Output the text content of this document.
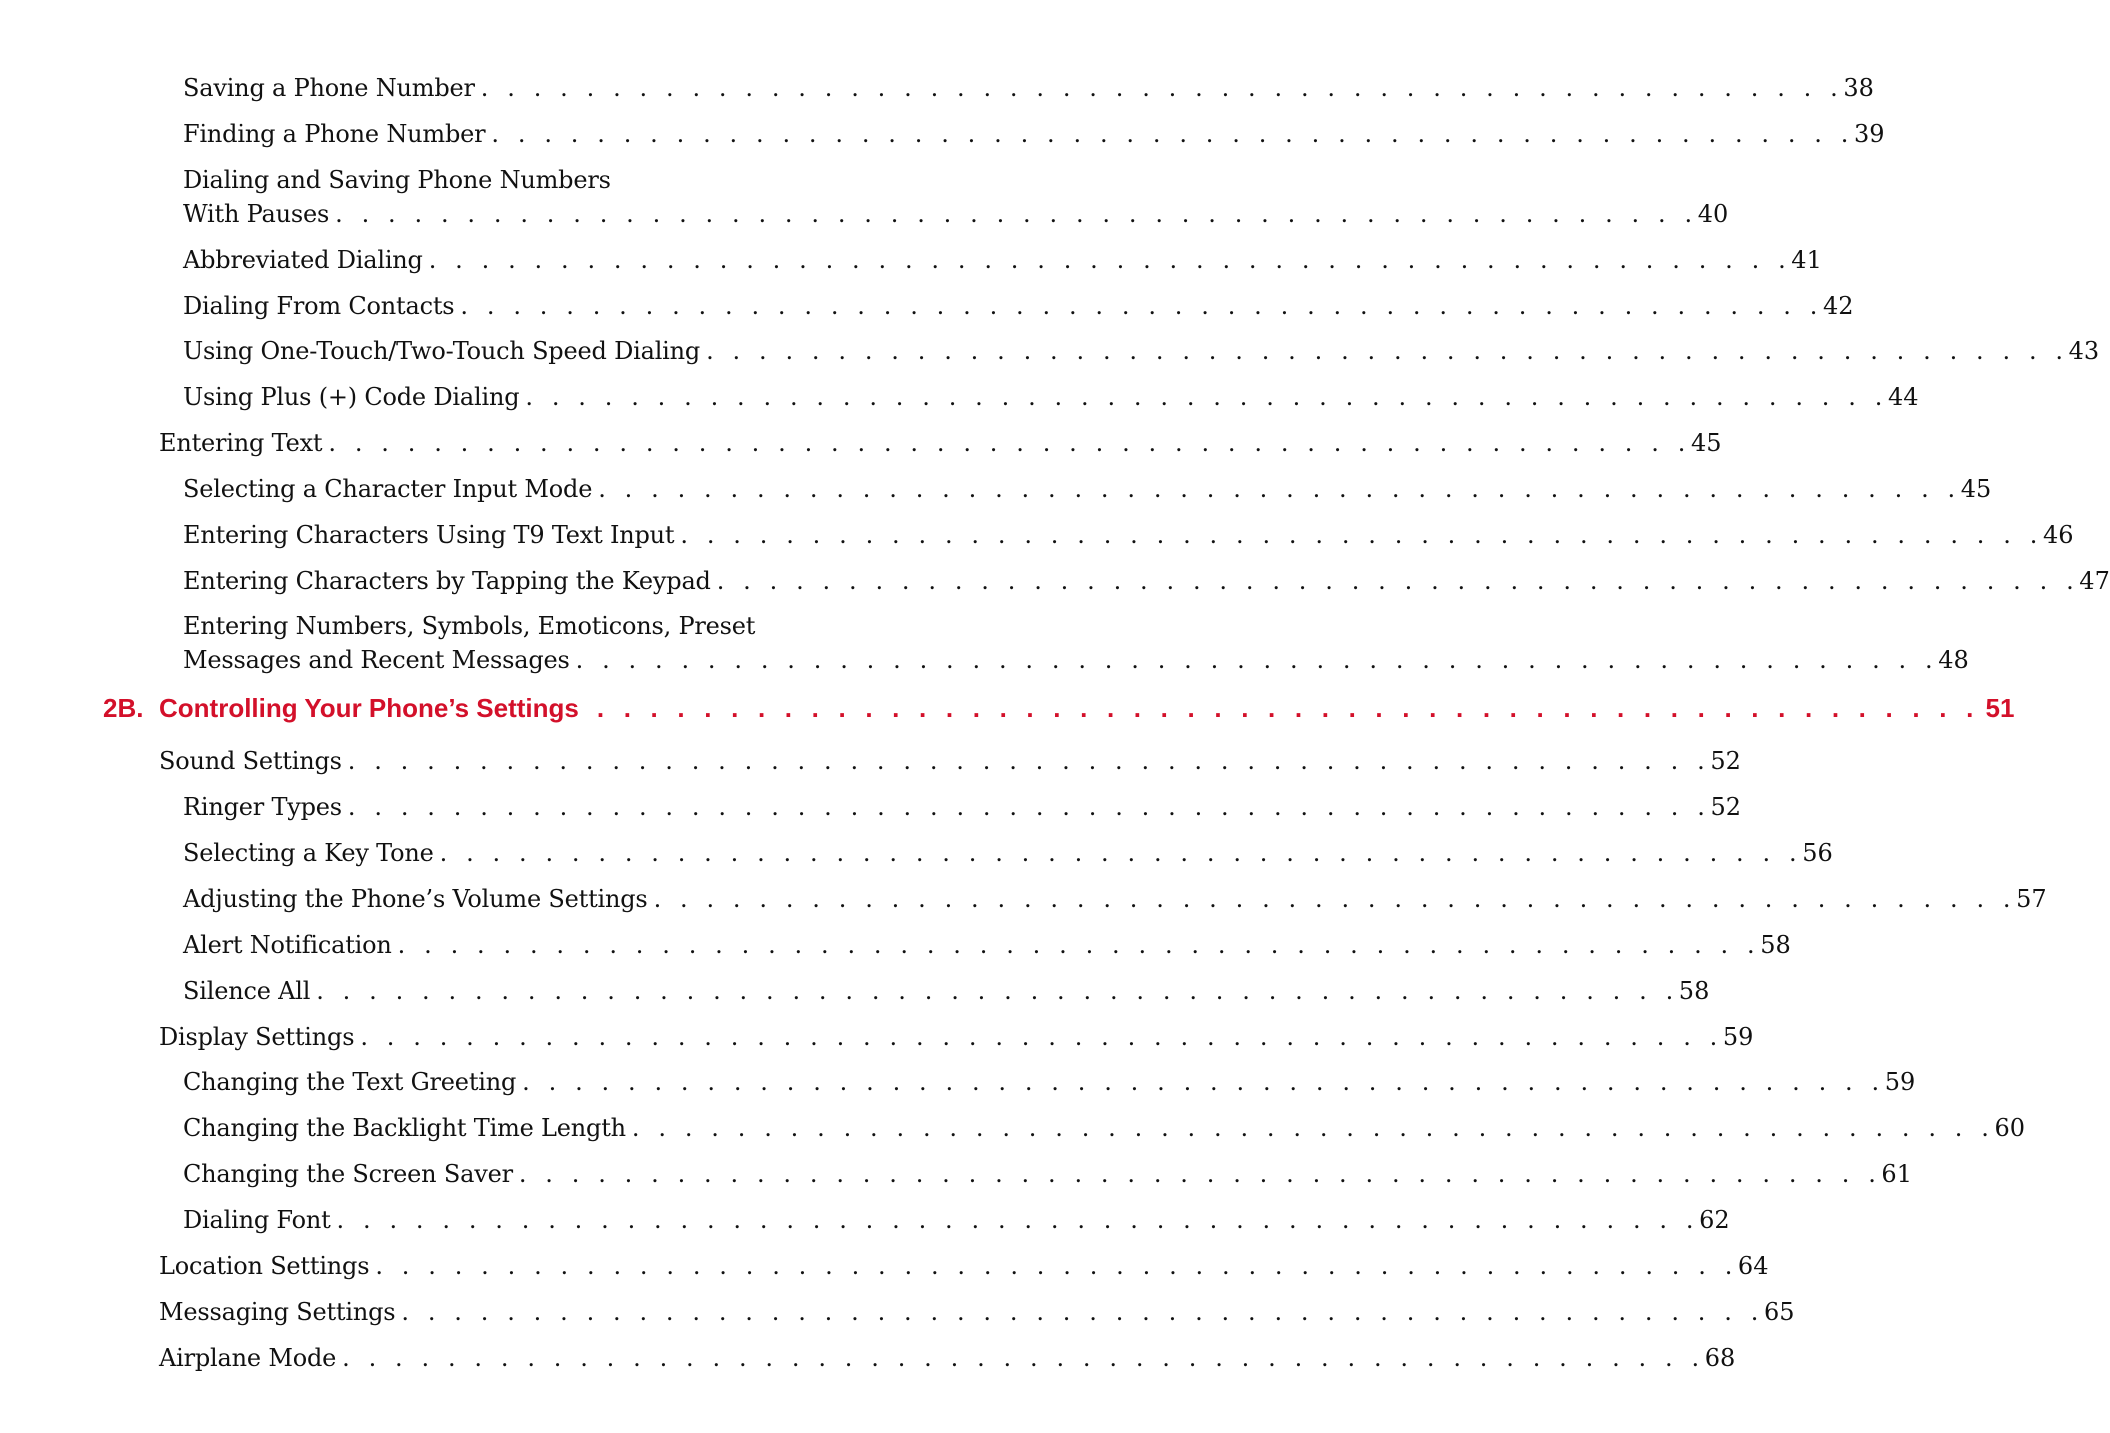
Saving a Phone Number . . . . . . . . . . . . . . . . . . . . . . . . . . . . . . . . . . . . . . . . . . . . . . . . . . . . 38
Finding a Phone Number . . . . . . . . . . . . . . . . . . . . . . . . . . . . . . . . . . . . . . . . . . . . . . . . . . . . 39
Dialing and Saving Phone Numbers
With Pauses . . . . . . . . . . . . . . . . . . . . . . . . . . . . . . . . . . . . . . . . . . . . . . . . . . . . 40
Abbreviated Dialing . . . . . . . . . . . . . . . . . . . . . . . . . . . . . . . . . . . . . . . . . . . . . . . . . . . . 41
Dialing From Contacts . . . . . . . . . . . . . . . . . . . . . . . . . . . . . . . . . . . . . . . . . . . . . . . . . . . . 42
Using One-Touch/Two-Touch Speed Dialing . . . . . . . . . . . . . . . . . . . . . . . . . . . . . . . . . . . . . . . . . . . . . . . . . . . . 43
Using Plus (+) Code Dialing . . . . . . . . . . . . . . . . . . . . . . . . . . . . . . . . . . . . . . . . . . . . . . . . . . . . 44
Entering Text . . . . . . . . . . . . . . . . . . . . . . . . . . . . . . . . . . . . . . . . . . . . . . . . . . . . 45
Selecting a Character Input Mode . . . . . . . . . . . . . . . . . . . . . . . . . . . . . . . . . . . . . . . . . . . . . . . . . . . . 45
Entering Characters Using T9 Text Input . . . . . . . . . . . . . . . . . . . . . . . . . . . . . . . . . . . . . . . . . . . . . . . . . . . . 46
Entering Characters by Tapping the Keypad . . . . . . . . . . . . . . . . . . . . . . . . . . . . . . . . . . . . . . . . . . . . . . . . . . . . 47
Entering Numbers, Symbols, Emoticons, Preset
Messages and Recent Messages . . . . . . . . . . . . . . . . . . . . . . . . . . . . . . . . . . . . . . . . . . . . . . . . . . . . 48
2B. Controlling Your Phone’s Settings . . . . . . . . . . . . . . . . . . . . . . . . . . . . . . . . . . . . . . . . . . . . . . . . . . . . 51
Sound Settings . . . . . . . . . . . . . . . . . . . . . . . . . . . . . . . . . . . . . . . . . . . . . . . . . . . . 52
Ringer Types . . . . . . . . . . . . . . . . . . . . . . . . . . . . . . . . . . . . . . . . . . . . . . . . . . . . 52
Selecting a Key Tone . . . . . . . . . . . . . . . . . . . . . . . . . . . . . . . . . . . . . . . . . . . . . . . . . . . . 56
Adjusting the Phone’s Volume Settings . . . . . . . . . . . . . . . . . . . . . . . . . . . . . . . . . . . . . . . . . . . . . . . . . . . . 57
Alert Notification . . . . . . . . . . . . . . . . . . . . . . . . . . . . . . . . . . . . . . . . . . . . . . . . . . . . 58
Silence All . . . . . . . . . . . . . . . . . . . . . . . . . . . . . . . . . . . . . . . . . . . . . . . . . . . . 58
Display Settings . . . . . . . . . . . . . . . . . . . . . . . . . . . . . . . . . . . . . . . . . . . . . . . . . . . . 59
Changing the Text Greeting . . . . . . . . . . . . . . . . . . . . . . . . . . . . . . . . . . . . . . . . . . . . . . . . . . . . 59
Changing the Backlight Time Length . . . . . . . . . . . . . . . . . . . . . . . . . . . . . . . . . . . . . . . . . . . . . . . . . . . . 60
Changing the Screen Saver . . . . . . . . . . . . . . . . . . . . . . . . . . . . . . . . . . . . . . . . . . . . . . . . . . . . 61
Dialing Font . . . . . . . . . . . . . . . . . . . . . . . . . . . . . . . . . . . . . . . . . . . . . . . . . . . . 62
Location Settings . . . . . . . . . . . . . . . . . . . . . . . . . . . . . . . . . . . . . . . . . . . . . . . . . . . . 64
Messaging Settings . . . . . . . . . . . . . . . . . . . . . . . . . . . . . . . . . . . . . . . . . . . . . . . . . . . . 65
Airplane Mode . . . . . . . . . . . . . . . . . . . . . . . . . . . . . . . . . . . . . . . . . . . . . . . . . . . . 68
